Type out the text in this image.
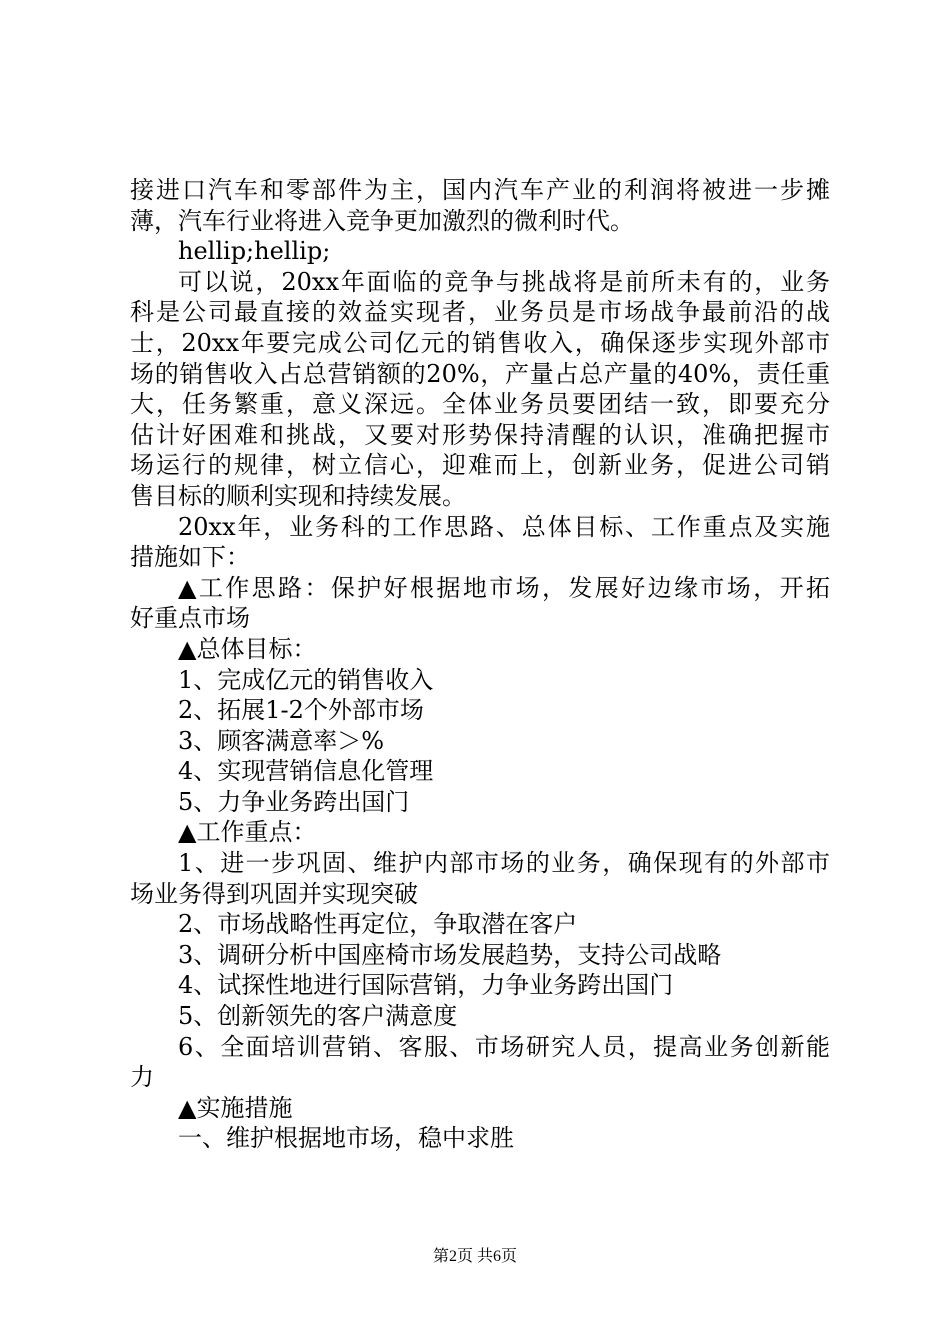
接进口汽车和零部件为主，国内汽车产业的利润将被进一步摊
薄，汽车行业将进入竞争更加激烈的微利时代。
hellip;hellip;
可以说，20xx年面临的竞争与挑战将是前所未有的，业务
科是公司最直接的效益实现者，业务员是市场战争最前沿的战
士，20xx年要完成公司亿元的销售收入，确保逐步实现外部市
场的销售收入占总营销额的20%，产量占总产量的40%，责任重
大，任务繁重，意义深远。全体业务员要团结一致，即要充分
估计好困难和挑战，又要对形势保持清醒的认识，准确把握市
场运行的规律，树立信心，迎难而上，创新业务，促进公司销
售目标的顺利实现和持续发展。
20xx年，业务科的工作思路、总体目标、工作重点及实施
措施如下：
▲工作思路：保护好根据地市场，发展好边缘市场，开拓
好重点市场
▲总体目标：
1、完成亿元的销售收入
2、拓展1-2个外部市场
3、顾客满意率＞%
4、实现营销信息化管理
5、力争业务跨出国门
▲工作重点：
1、进一步巩固、维护内部市场的业务，确保现有的外部市
场业务得到巩固并实现突破
2、市场战略性再定位，争取潜在客户
3、调研分析中国座椅市场发展趋势，支持公司战略
4、试探性地进行国际营销，力争业务跨出国门
5、创新领先的客户满意度
6、全面培训营销、客服、市场研究人员，提高业务创新能
力
▲实施措施
一、维护根据地市场，稳中求胜
第2页 共6页
